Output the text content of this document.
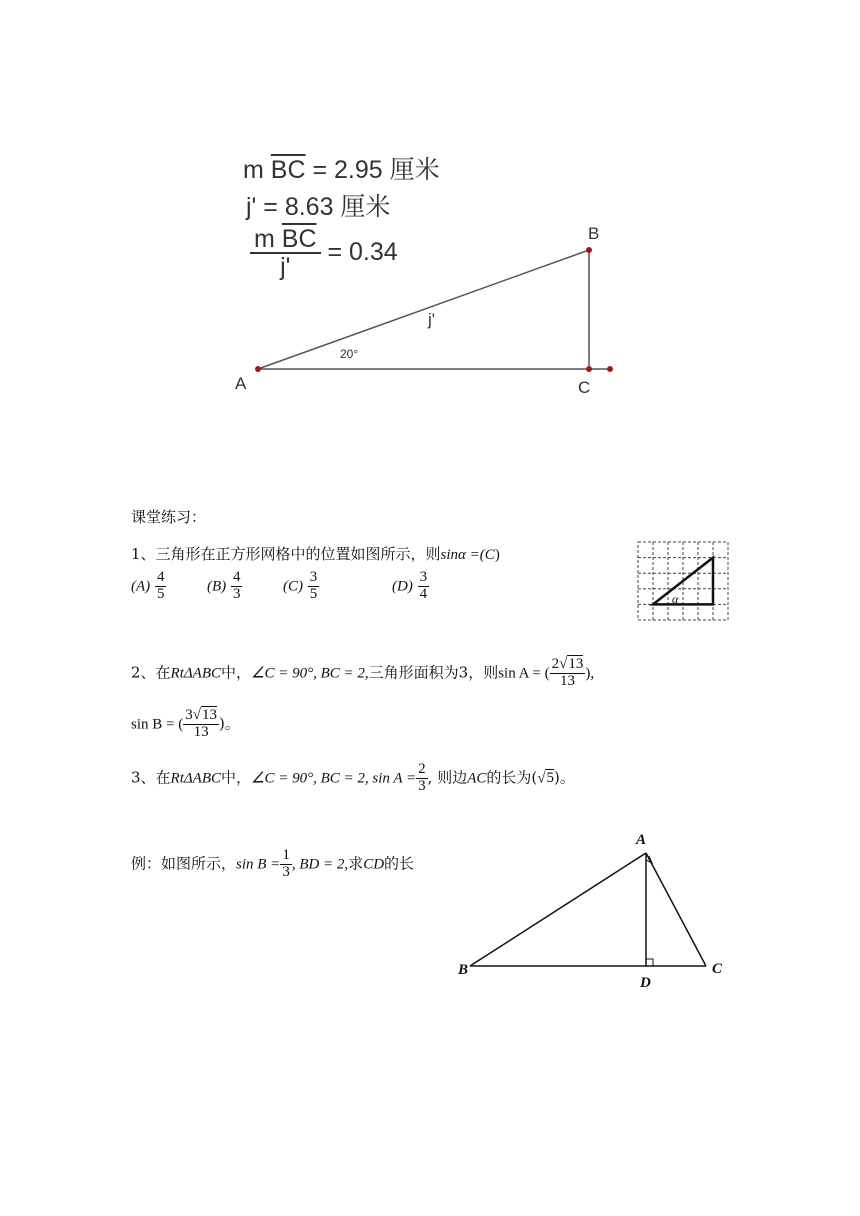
m $\overline{BC} = 2.95$ 厘米
j' = 8.63 厘米
$\frac{m \overline{BC}}{j'} = 0.34$
A
B
C
j'
20°
课堂练习：
1、三角形在正方形网格中的位置如图所示，则sinα =(C)
$(A) \frac{4}{5}$	$(B) \frac{4}{3}$	$(C) \frac{3}{5}$	$(D) \frac{3}{4}$	α
2、在RtΔABC中，∠C = 90°, BC = 2,三角形面积为3，则sin A = ( $\frac{2√13}{13}$ ),
sin B = ( $\frac{3√13}{13}$ )。
3、在RtΔABC中，∠C = 90°, BC = 2, $\sin A = \frac{2}{3}$ , 则边AC的长为(√5)。
例：如图所示，$\sin B = \frac{1}{3}$ , BD = 2,求CD的长
A
B	C
D
